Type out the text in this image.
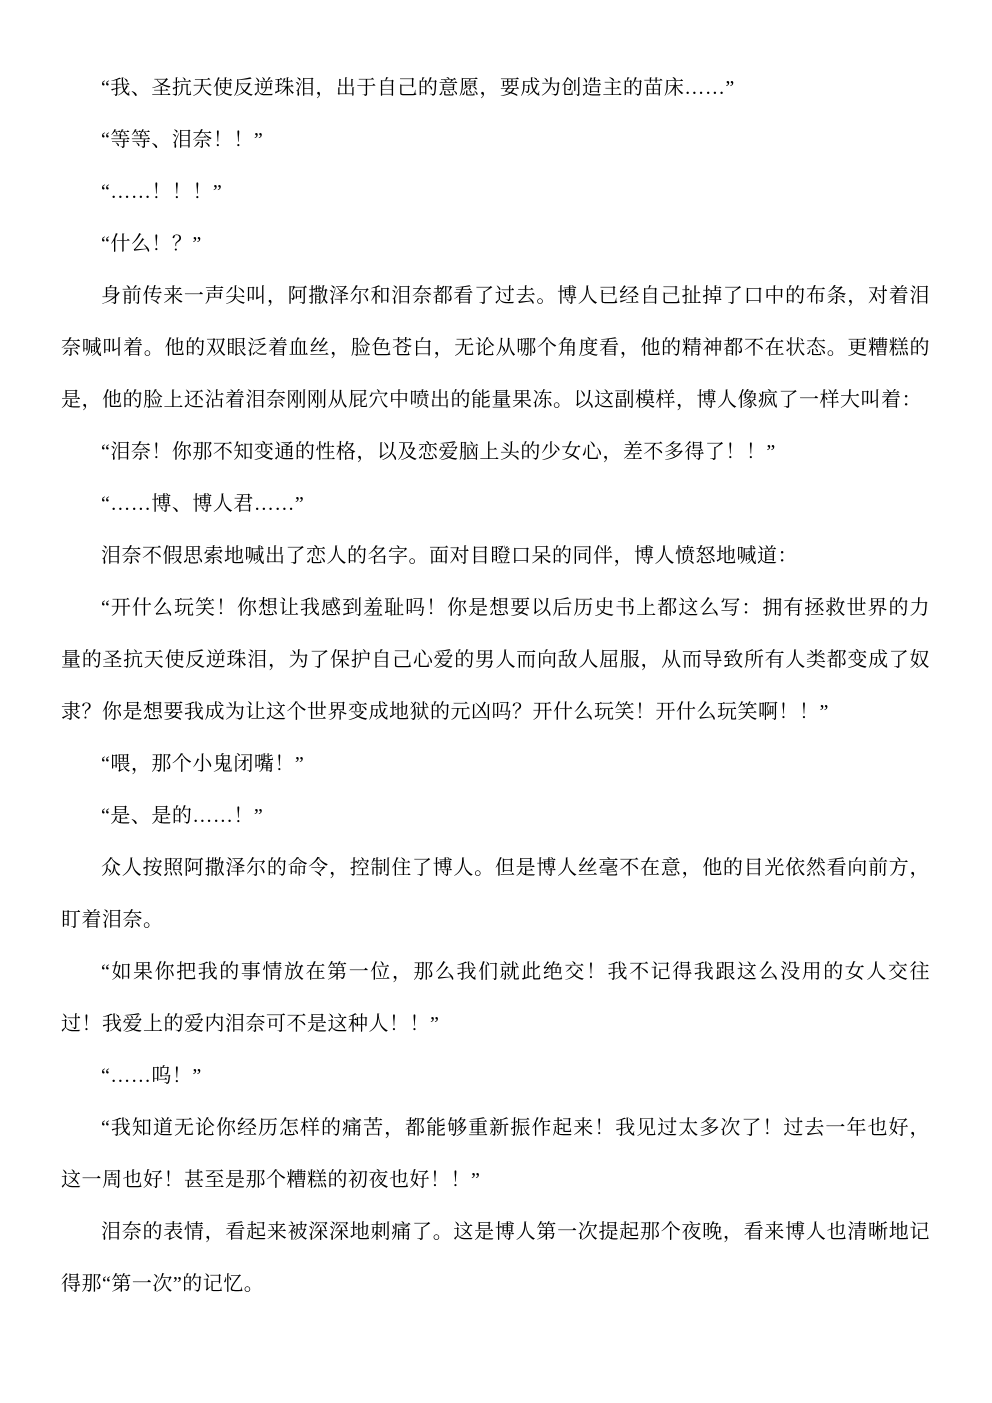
“我、圣抗天使反逆珠泪，出于自己的意愿，要成为创造主的苗床……”

“等等、泪奈！！”

“……！！！”

“什么！？”

身前传来一声尖叫，阿撒泽尔和泪奈都看了过去。博人已经自己扯掉了口中的布条，对着泪奈喊叫着。他的双眼泛着血丝，脸色苍白，无论从哪个角度看，他的精神都不在状态。更糟糕的是，他的脸上还沾着泪奈刚刚从屁穴中喷出的能量果冻。以这副模样，博人像疯了一样大叫着：

“泪奈！你那不知变通的性格，以及恋爱脑上头的少女心，差不多得了！！”

“……博、博人君……”

泪奈不假思索地喊出了恋人的名字。面对目瞪口呆的同伴，博人愤怒地喊道：

“开什么玩笑！你想让我感到羞耻吗！你是想要以后历史书上都这么写：拥有拯救世界的力量的圣抗天使反逆珠泪，为了保护自己心爱的男人而向敌人屈服，从而导致所有人类都变成了奴隶？你是想要我成为让这个世界变成地狱的元凶吗？开什么玩笑！开什么玩笑啊！！”

“喂，那个小鬼闭嘴！”

“是、是的……！”

众人按照阿撒泽尔的命令，控制住了博人。但是博人丝毫不在意，他的目光依然看向前方，盯着泪奈。

“如果你把我的事情放在第一位，那么我们就此绝交！我不记得我跟这么没用的女人交往过！我爱上的爱内泪奈可不是这种人！！”

“……呜！”

“我知道无论你经历怎样的痛苦，都能够重新振作起来！我见过太多次了！过去一年也好，这一周也好！甚至是那个糟糕的初夜也好！！”

泪奈的表情，看起来被深深地刺痛了。这是博人第一次提起那个夜晚，看来博人也清晰地记得那“第一次”的记忆。
